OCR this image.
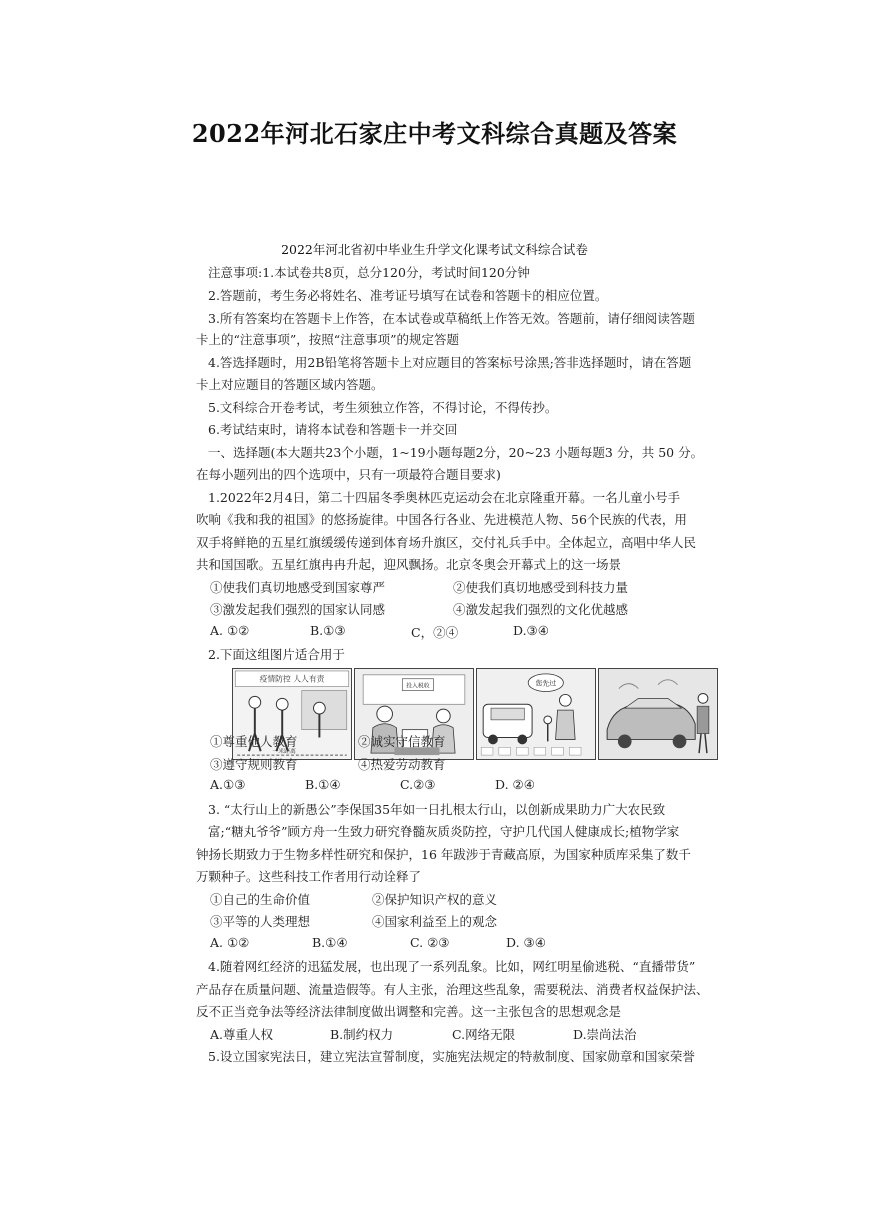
2022年河北石家庄中考文科综合真题及答案
2022年河北省初中毕业生升学文化课考试文科综合试卷
注意事项:1.本试卷共8页，总分120分，考试时间120分钟
2.答题前，考生务必将姓名、准考证号填写在试卷和答题卡的相应位置。
3.所有答案均在答题卡上作答，在本试卷或草稿纸上作答无效。答题前，请仔细阅读答题
卡上的“注意事项”，按照“注意事项”的规定答题
4.答选择题时，用2B铅笔将答题卡上对应题目的答案标号涂黑;答非选择题时，请在答题
卡上对应题目的答题区域内答题。
5.文科综合开卷考试，考生须独立作答，不得讨论，不得传抄。
6.考试结束时，请将本试卷和答题卡一并交回
一、选择题(本大题共23个小题，1~19小题每题2分，20~23 小题每题3 分，共 50 分。
在每小题列出的四个选项中，只有一项最符合题目要求)
1.2022年2月4日，第二十四届冬季奥林匹克运动会在北京隆重开幕。一名儿童小号手
吹响《我和我的祖国》的悠扬旋律。中国各行各业、先进模范人物、56个民族的代表，用
双手将鲜艳的五星红旗缓缓传递到体育场升旗区，交付礼兵手中。全体起立，高唱中华人民
共和国国歌。五星红旗冉冉升起，迎风飘扬。北京冬奥会开幕式上的这一场景
①使我们真切地感受到国家尊严	②使我们真切地感受到科技力量
③激发起我们强烈的国家认同感	④激发起我们强烈的文化优越感
A. ①②	B.①③	C，②④	D.③④
2.下面这组图片适合用于
疫情防控 人人有责
一米距离
投入税收	您先过
①尊重他人教育	②诚实守信教育
③遵守规则教育	④热爱劳动教育
A.①③	B.①④	C.②③	D. ②④
3. “太行山上的新愚公”李保国35年如一日扎根太行山，以创新成果助力广大农民致
富;“糖丸爷爷”顾方舟一生致力研究脊髓灰质炎防控，守护几代国人健康成长;植物学家
钟扬长期致力于生物多样性研究和保护，16 年跋涉于青藏高原，为国家种质库采集了数千
万颗种子。这些科技工作者用行动诠释了
①自己的生命价值	②保护知识产权的意义
③平等的人类理想	④国家利益至上的观念
A. ①②	B.①④	C. ②③	D. ③④
4.随着网红经济的迅猛发展，也出现了一系列乱象。比如，网红明星偷逃税、“直播带货”
产品存在质量问题、流量造假等。有人主张，治理这些乱象，需要税法、消费者权益保护法、
反不正当竞争法等经济法律制度做出调整和完善。这一主张包含的思想观念是
A.尊重人权	B.制约权力	C.网络无限	D.崇尚法治
5.设立国家宪法日，建立宪法宣誓制度，实施宪法规定的特赦制度、国家勋章和国家荣誉
